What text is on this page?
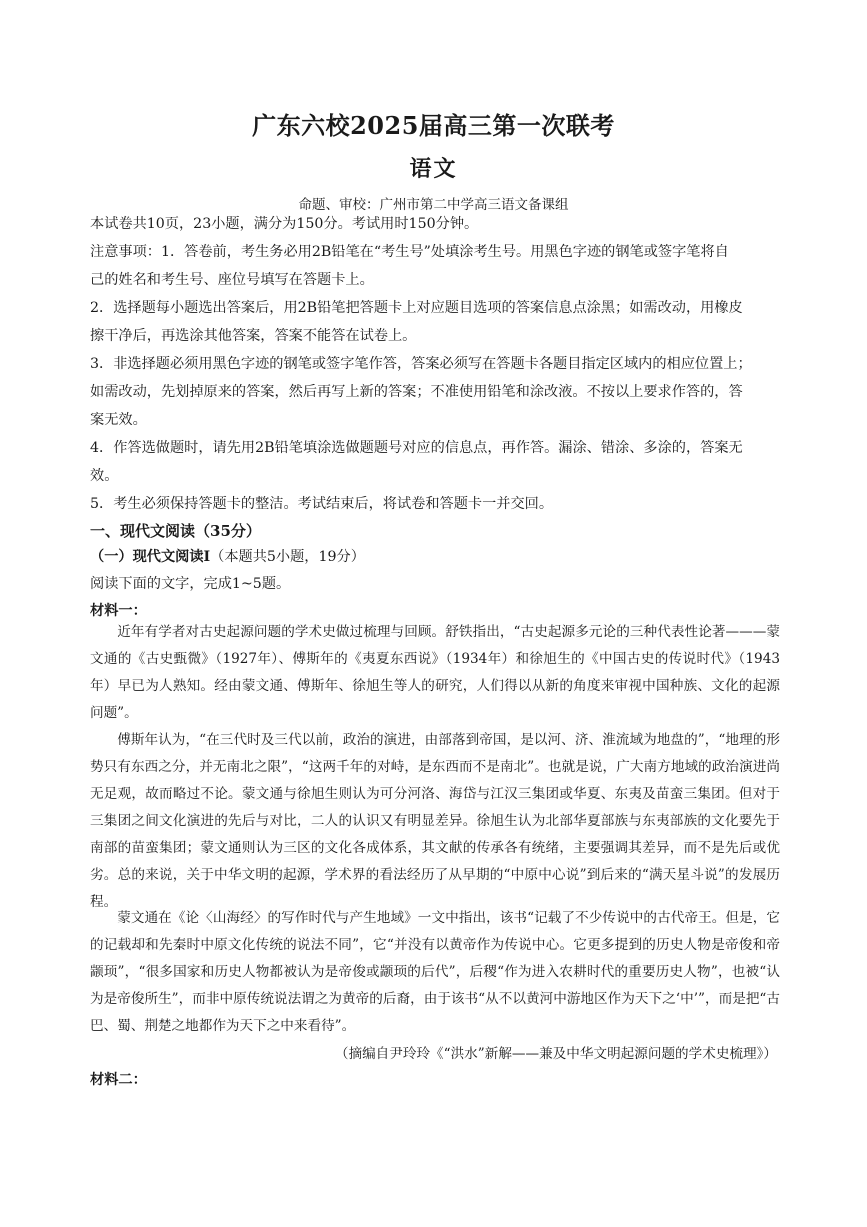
广东六校2025届高三第一次联考
语文
命题、审校：广州市第二中学高三语文备课组
本试卷共10页，23小题，满分为150分。考试用时150分钟。
注意事项：1．答卷前，考生务必用2B铅笔在“考生号”处填涂考生号。用黑色字迹的钢笔或签字笔将自
己的姓名和考生号、座位号填写在答题卡上。
2．选择题每小题选出答案后，用2B铅笔把答题卡上对应题目选项的答案信息点涂黑；如需改动，用橡皮
擦干净后，再选涂其他答案，答案不能答在试卷上。
3．非选择题必须用黑色字迹的钢笔或签字笔作答，答案必须写在答题卡各题目指定区域内的相应位置上；
如需改动，先划掉原来的答案，然后再写上新的答案；不准使用铅笔和涂改液。不按以上要求作答的，答
案无效。
4．作答选做题时，请先用2B铅笔填涂选做题题号对应的信息点，再作答。漏涂、错涂、多涂的，答案无
效。
5．考生必须保持答题卡的整洁。考试结束后，将试卷和答题卡一并交回。
一、现代文阅读（35分）
（一）现代文阅读Ⅰ（本题共5小题，19分）
阅读下面的文字，完成1~5题。
材料一：

近年有学者对古史起源问题的学术史做过梳理与回顾。舒铁指出，“古史起源多元论的三种代表性论著———蒙文通的《古史甄微》（1927年）、傅斯年的《夷夏东西说》（1934年）和徐旭生的《中国古史的传说时代》（1943年）早已为人熟知。经由蒙文通、傅斯年、徐旭生等人的研究，人们得以从新的角度来审视中国种族、文化的起源问题”。

傅斯年认为，“在三代时及三代以前，政治的演进，由部落到帝国，是以河、济、淮流域为地盘的”，“地理的形势只有东西之分，并无南北之限”，“这两千年的对峙，是东西而不是南北”。也就是说，广大南方地域的政治演进尚无足观，故而略过不论。蒙文通与徐旭生则认为可分河洛、海岱与江汉三集团或华夏、东夷及苗蛮三集团。但对于三集团之间文化演进的先后与对比，二人的认识又有明显差异。徐旭生认为北部华夏部族与东夷部族的文化要先于南部的苗蛮集团；蒙文通则认为三区的文化各成体系，其文献的传承各有统绪，主要强调其差异，而不是先后或优劣。总的来说，关于中华文明的起源，学术界的看法经历了从早期的“中原中心说”到后来的“满天星斗说”的发展历程。

蒙文通在《论〈山海经〉的写作时代与产生地域》一文中指出，该书“记载了不少传说中的古代帝王。但是，它的记载却和先秦时中原文化传统的说法不同”，它“并没有以黄帝作为传说中心。它更多提到的历史人物是帝俊和帝颛顼”，“很多国家和历史人物都被认为是帝俊或颛顼的后代”，后稷“作为进入农耕时代的重要历史人物”，也被“认为是帝俊所生”，而非中原传统说法谓之为黄帝的后裔，由于该书“从不以黄河中游地区作为天下之‘中’”，而是把“古巴、蜀、荆楚之地都作为天下之中来看待”。

（摘编自尹玲玲《“洪水”新解——兼及中华文明起源问题的学术史梳理》）
材料二：
